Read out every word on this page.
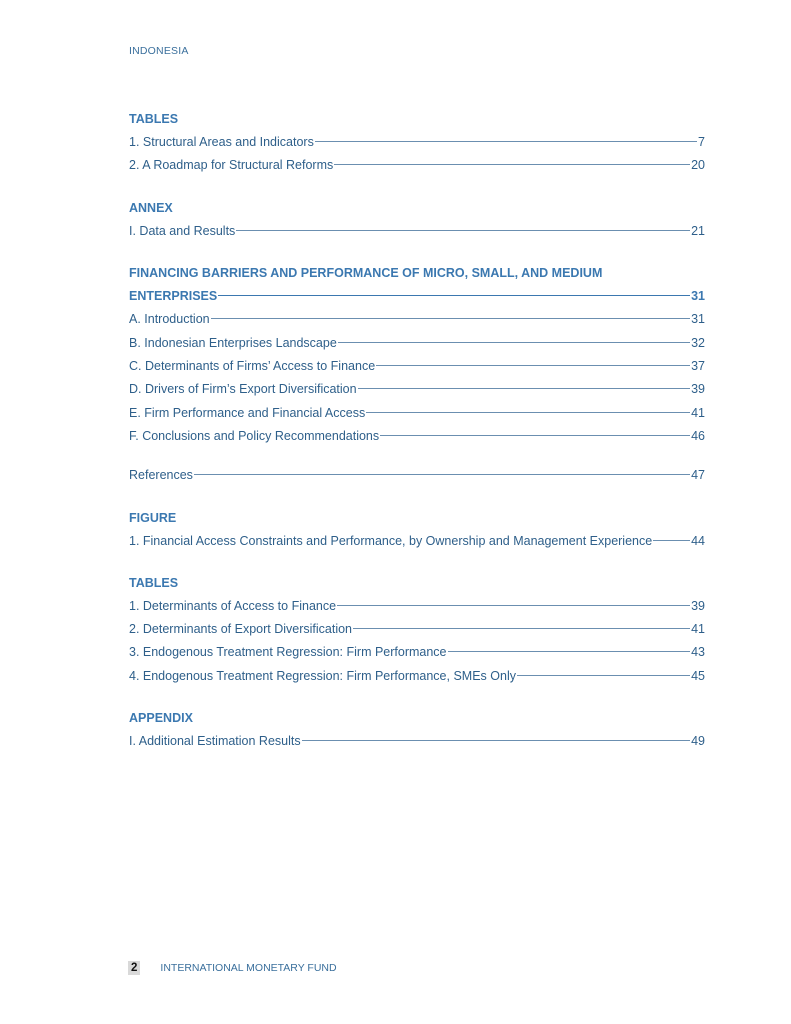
INDONESIA
TABLES
1. Structural Areas and Indicators	7
2. A Roadmap for Structural Reforms	20
ANNEX
I. Data and Results	21
FINANCING BARRIERS AND PERFORMANCE OF MICRO, SMALL, AND MEDIUM
ENTERPRISES	31
A. Introduction	31
B. Indonesian Enterprises Landscape	32
C. Determinants of Firms’ Access to Finance	37
D. Drivers of Firm’s Export Diversification	39
E. Firm Performance and Financial Access	41
F. Conclusions and Policy Recommendations	46
References	47
FIGURE
1. Financial Access Constraints and Performance, by Ownership and Management Experience	44
TABLES
1. Determinants of Access to Finance	39
2. Determinants of Export Diversification	41
3. Endogenous Treatment Regression: Firm Performance	43
4. Endogenous Treatment Regression: Firm Performance, SMEs Only	45
APPENDIX
I. Additional Estimation Results	49
2 INTERNATIONAL MONETARY FUND
